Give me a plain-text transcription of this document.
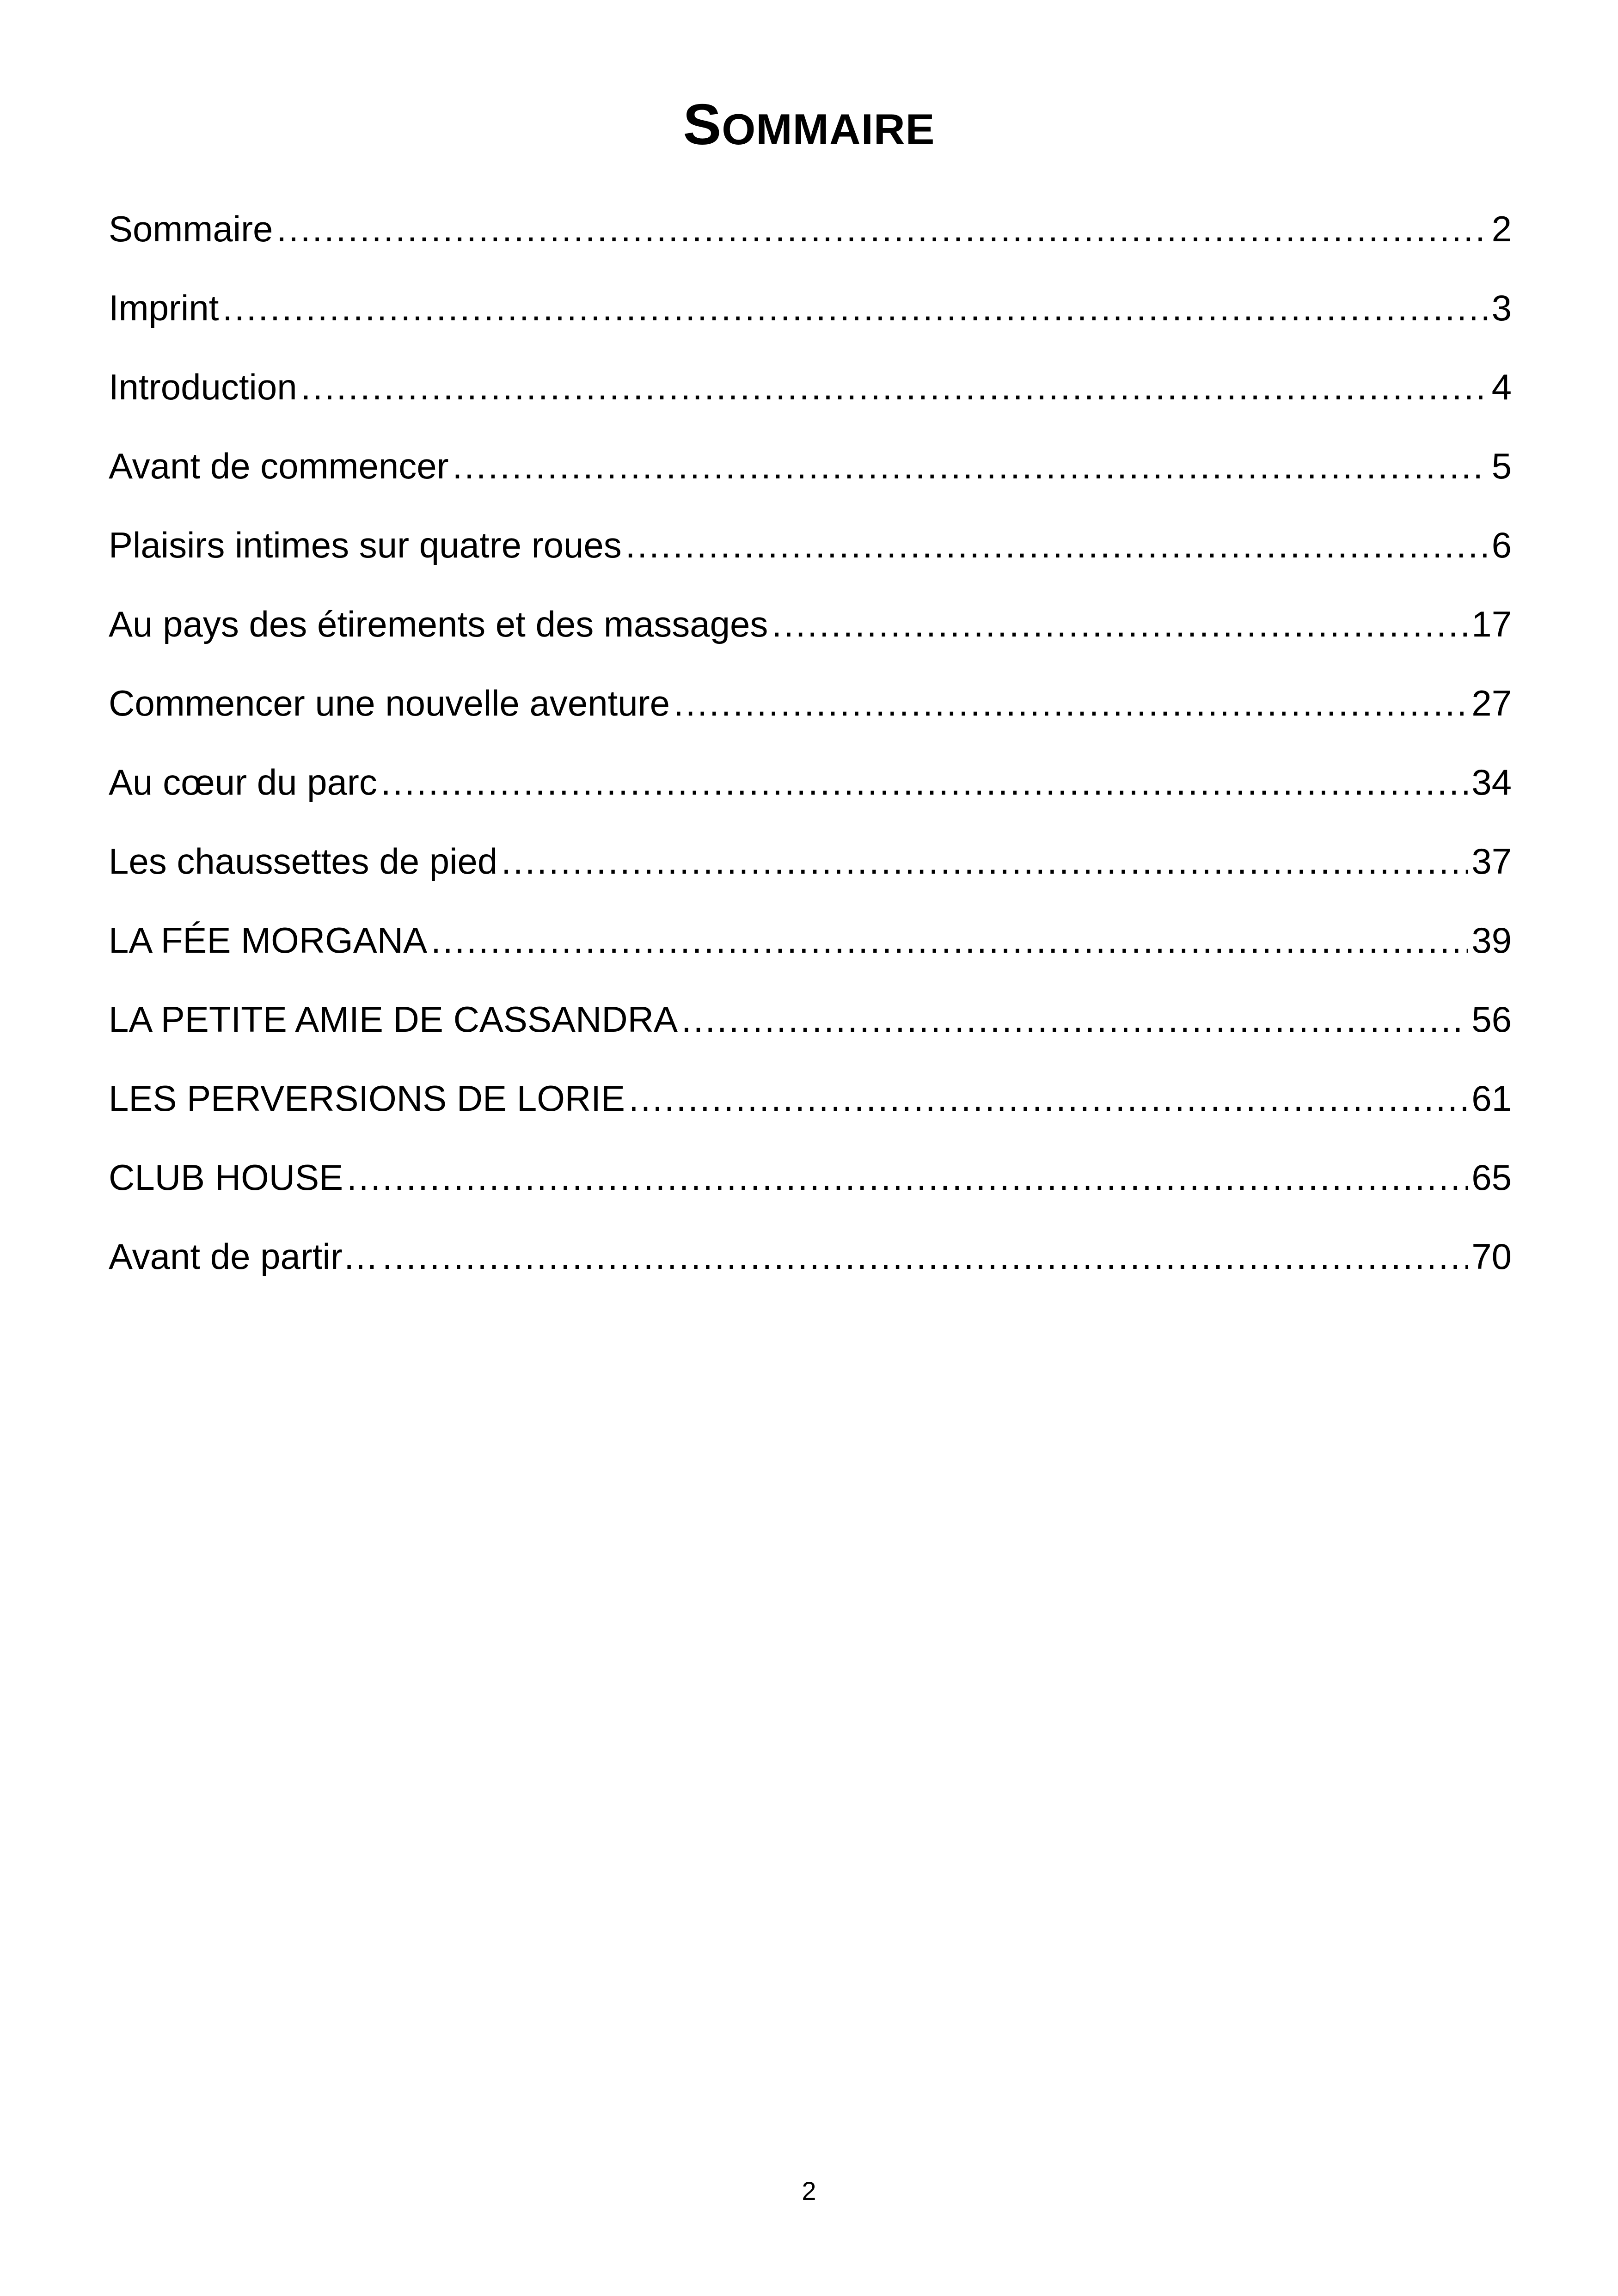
SOMMAIRE
Sommaire .....	2
Imprint .....	3
Introduction .....	4
Avant de commencer .....	5
Plaisirs intimes sur quatre roues .....	6
Au pays des étirements et des massages .....	17
Commencer une nouvelle aventure .....	27
Au cœur du parc .....	34
Les chaussettes de pied .....	37
LA FÉE MORGANA .....	39
LA PETITE AMIE DE CASSANDRA .....	56
LES PERVERSIONS DE LORIE .....	61
CLUB HOUSE .....	65
Avant de partir… .....	70
2
